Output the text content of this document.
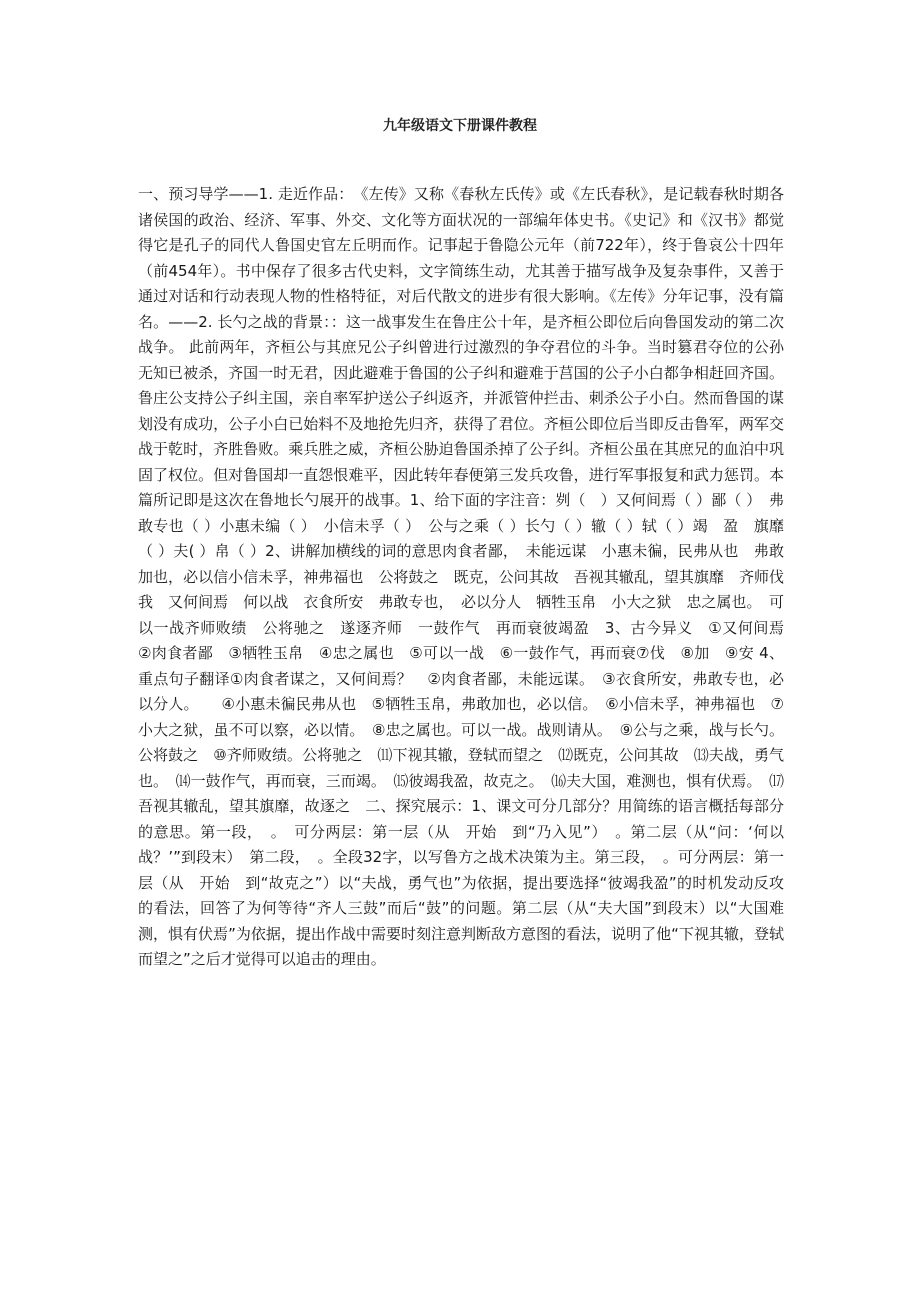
九年级语文下册课件教程

一、预习导学——1. 走近作品：　《左传》又称《春秋左氏传》或《左氏春秋》，是记载春秋时期各诸侯国的政治、经济、军事、外交、文化等方面状况的一部编年体史书。《史记》和《汉书》都觉得它是孔子的同代人鲁国史官左丘明而作。记事起于鲁隐公元年（前722年），终于鲁哀公十四年（前454年）。书中保存了很多古代史料，文字简练生动，尤其善于描写战争及复杂事件，又善于通过对话和行动表现人物的性格特征，对后代散文的进步有很大影响。《左传》分年记事，没有篇名。——2. 长勺之战的背景：：这一战事发生在鲁庄公十年，是齐桓公即位后向鲁国发动的第二次战争。 此前两年，齐桓公与其庶兄公子纠曾进行过激烈的争夺君位的斗争。当时篡君夺位的公孙无知已被杀，齐国一时无君，因此避难于鲁国的公子纠和避难于莒国的公子小白都争相赶回齐国。鲁庄公支持公子纠主国，亲自率军护送公子纠返齐，并派管仲拦击、刺杀公子小白。然而鲁国的谋划没有成功，公子小白已始料不及地抢先归齐，获得了君位。齐桓公即位后当即反击鲁军，两军交战于乾时，齐胜鲁败。乘兵胜之威，齐桓公胁迫鲁国杀掉了公子纠。齐桓公虽在其庶兄的血泊中巩固了权位。但对鲁国却一直怨恨难平，因此转年春便第三发兵攻鲁，进行军事报复和武力惩罚。本篇所记即是这次在鲁地长勺展开的战事。1、给下面的字注音：刿（　）又何间焉（ ）鄙（ ）　弗敢专也（ ）小惠未编（ ）　小信未孚（ ）　公与之乘（ ）长勺（ ）辙（ ）轼（ ）竭　盈　旗靡（ ）夫( ）帛（ ）2、讲解加横线的词的意思肉食者鄙，　未能远谋　小惠未徧，民弗从也　弗敢加也，必以信小信未孚，神弗福也　公将鼓之　既克，公问其故　吾视其辙乱，望其旗靡　齐师伐我　又何间焉　何以战　衣食所安　弗敢专也，　必以分人　牺牲玉帛　小大之狱　忠之属也。　可以一战齐师败绩　公将驰之　遂逐齐师　一鼓作气　再而衰彼竭盈　3、古今异义　①又何间焉　②肉食者鄙　③牺牲玉帛　④忠之属也　⑤可以一战　⑥一鼓作气，再而衰⑦伐　⑧加　⑨安 4、重点句子翻译①肉食者谋之，又何间焉？　②肉食者鄙，未能远谋。　③衣食所安，弗敢专也，必以分人。　　④小惠未徧民弗从也　⑤牺牲玉帛，弗敢加也，必以信。　⑥小信未孚，神弗福也　⑦小大之狱，虽不可以察，必以情。　⑧忠之属也。可以一战。战则请从。　⑨公与之乘，战与长勺。公将鼓之　⑩齐师败绩。公将驰之　⑾下视其辙，登轼而望之　⑿既克，公问其故　⒀夫战，勇气也。　⒁一鼓作气，再而衰，三而竭。　⒂彼竭我盈，故克之。　⒃夫大国，难测也，惧有伏焉。　⒄吾视其辙乱，望其旗靡，故逐之　二、探究展示：1、课文可分几部分？用简练的语言概括每部分的意思。第一段，　。　可分两层：第一层（从　开始　到“乃入见”）　。第二层（从“问：‘何以战？’”到段末）　第二段，　。全段32字，以写鲁方之战术决策为主。第三段，　。可分两层：第一层（从　开始　到“故克之”）以“夫战，勇气也”为依据，提出要选择“彼竭我盈”的时机发动反攻的看法，回答了为何等待“齐人三鼓”而后“鼓”的问题。第二层（从“夫大国”到段末）以“大国难测，惧有伏焉”为依据，提出作战中需要时刻注意判断敌方意图的看法，说明了他“下视其辙，登轼而望之”之后才觉得可以追击的理由。
